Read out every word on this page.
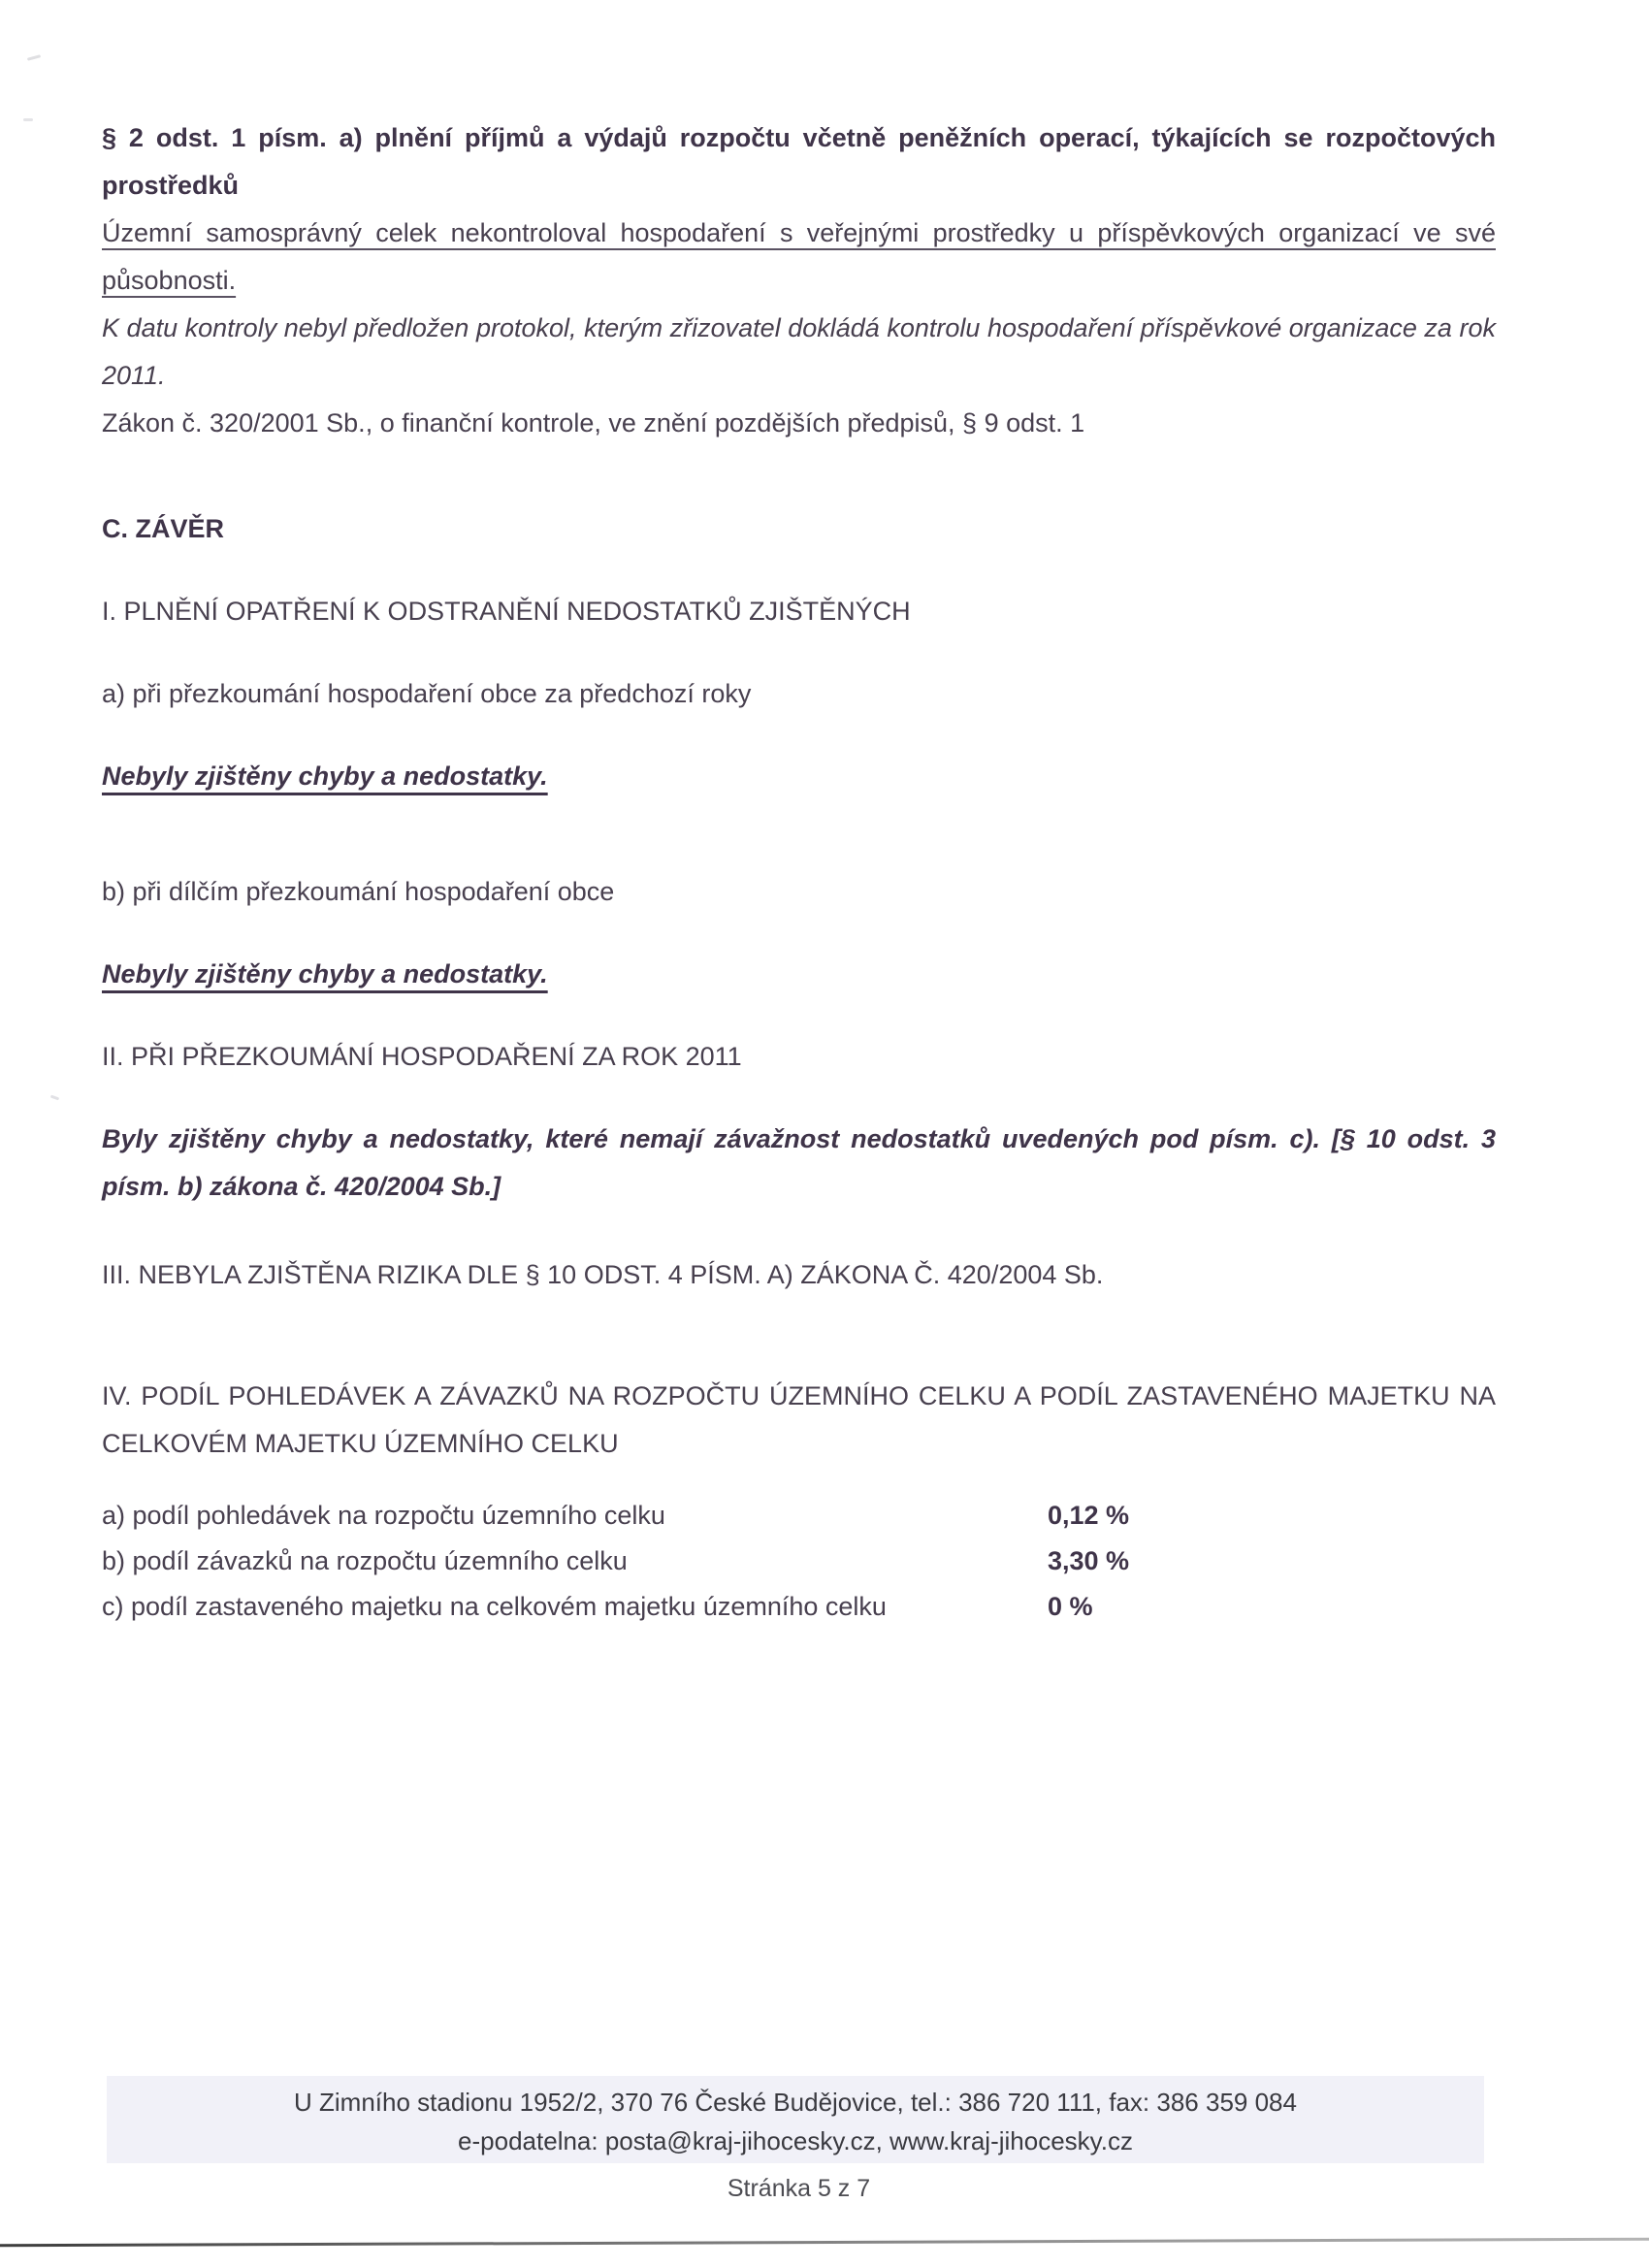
§ 2 odst. 1 písm. a) plnění příjmů a výdajů rozpočtu včetně peněžních operací, týkajících se rozpočtových prostředků

Územní samosprávný celek nekontroloval hospodaření s veřejnými prostředky u příspěvkových organizací ve své působnosti.

K datu kontroly nebyl předložen protokol, kterým zřizovatel dokládá kontrolu hospodaření příspěvkové organizace za rok 2011.

Zákon č. 320/2001 Sb., o finanční kontrole, ve znění pozdějších předpisů, § 9 odst. 1

C. ZÁVĚR

I. PLNĚNÍ OPATŘENÍ K ODSTRANĚNÍ NEDOSTATKŮ ZJIŠTĚNÝCH

a) při přezkoumání hospodaření obce za předchozí roky

Nebyly zjištěny chyby a nedostatky.

b) při dílčím přezkoumání hospodaření obce

Nebyly zjištěny chyby a nedostatky.

II. PŘI PŘEZKOUMÁNÍ HOSPODAŘENÍ ZA ROK 2011

Byly zjištěny chyby a nedostatky, které nemají závažnost nedostatků uvedených pod písm. c). [§ 10 odst. 3 písm. b) zákona č. 420/2004 Sb.]

III. NEBYLA ZJIŠTĚNA RIZIKA DLE § 10 ODST. 4 PÍSM. A) ZÁKONA Č. 420/2004 Sb.

IV. PODÍL POHLEDÁVEK A ZÁVAZKŮ NA ROZPOČTU ÚZEMNÍHO CELKU A PODÍL ZASTAVENÉHO MAJETKU NA CELKOVÉM MAJETKU ÚZEMNÍHO CELKU

a) podíl pohledávek na rozpočtu územního celku	0,12 %
b) podíl závazků na rozpočtu územního celku	3,30 %
c) podíl zastaveného majetku na celkovém majetku územního celku	0 %

U Zimního stadionu 1952/2, 370 76 České Budějovice, tel.: 386 720 111, fax: 386 359 084

e-podatelna: posta@kraj-jihocesky.cz, www.kraj-jihocesky.cz

Stránka 5 z 7
